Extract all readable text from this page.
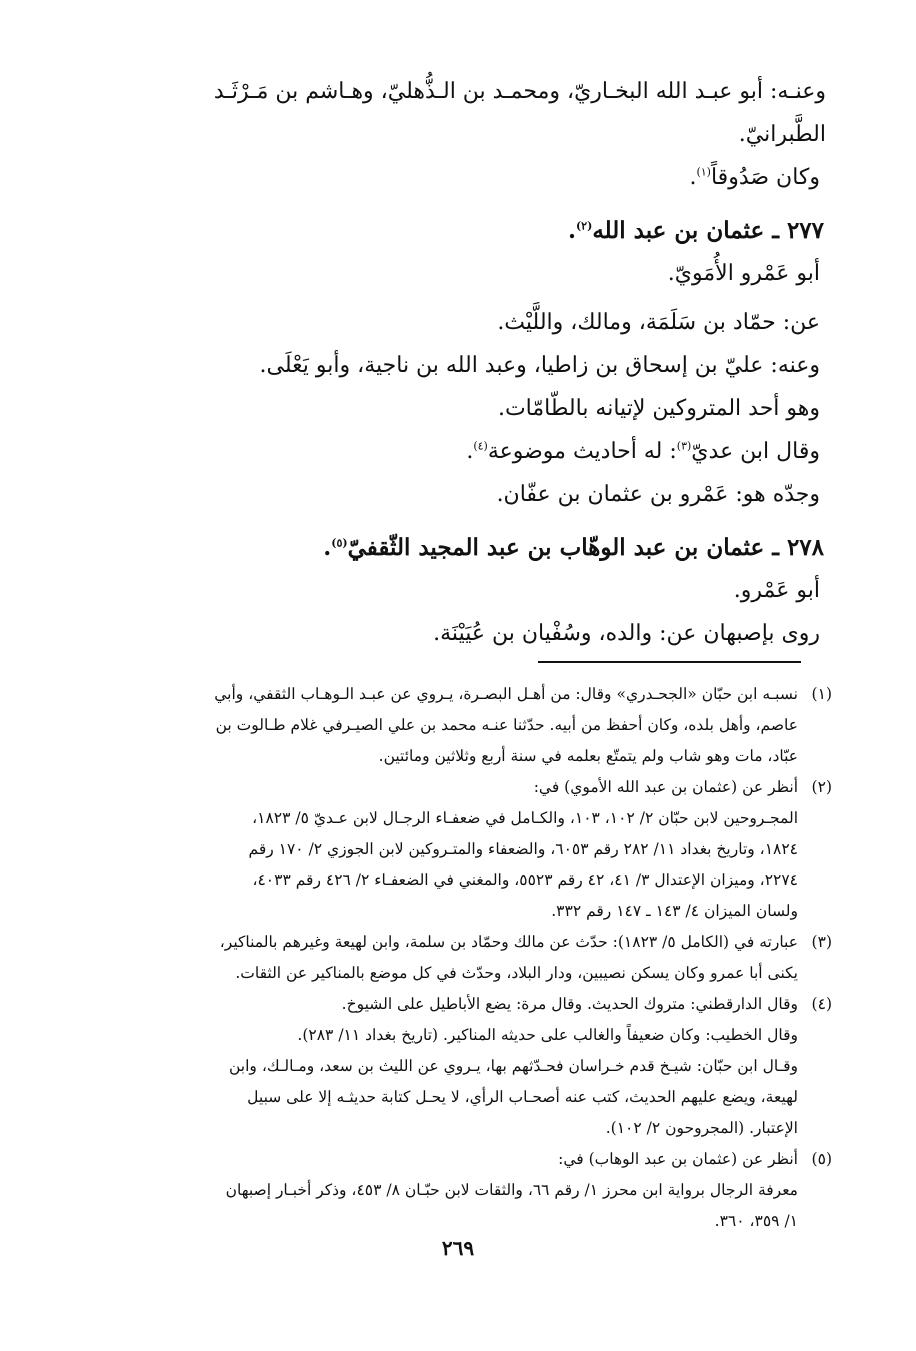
وعنـه: أبو عبـد الله البخـاريّ، ومحمـد بن الـذُّهليّ، وهـاشم بن مَـرْثَـد

الطَّبرانيّ.

وكان صَدُوقاً$^{(١)}$.

٢٧٧ ـ عثمان بن عبد الله$^{(٢)}$.

أبو عَمْرو الأُمَويّ.

عن: حمّاد بن سَلَمَة، ومالك، واللَّيْث.

وعنه: عليّ بن إسحاق بن زاطيا، وعبد الله بن ناجية، وأبو يَعْلَى.

وهو أحد المتروكين لإتيانه بالطّامّات.

وقال ابن عديّ$^{(٣)}$: له أحاديث موضوعة$^{(٤)}$.

وجدّه هو: عَمْرو بن عثمان بن عفّان.

٢٧٨ ـ عثمان بن عبد الوهّاب بن عبد المجيد الثّقفيّ$^{(٥)}$.

أبو عَمْرو.

روى بإصبهان عن: والده، وسُفْيان بن عُيَيْنَة.

(١)
نسبـه ابن حبّان «الجحـدري» وقال: من أهـل البصـرة، يـروي عن عبـد الـوهـاب الثقفي، وأبي
عاصم، وأهل بلده، وكان أحفظ من أبيه. حدّثنا عنـه محمد بن علي الصيـرفي غلام طـالوت بن
عبّاد، مات وهو شاب ولم يتمتّع بعلمه في سنة أربع وثلاثين ومائتين.
(٢)
أنظر عن (عثمان بن عبد الله الأموي) في:
المجـروحين لابن حبّان ٢/ ١٠٢، ١٠٣، والكـامل في ضعفـاء الرجـال لابن عـديّ ٥/ ١٨٢٣،
١٨٢٤، وتاريخ بغداد ١١/ ٢٨٢ رقم ٦٠٥٣، والضعفاء والمتـروكين لابن الجوزي ٢/ ١٧٠ رقم
٢٢٧٤، وميزان الإعتدال ٣/ ٤١، ٤٢ رقم ٥٥٢٣، والمغني في الضعفـاء ٢/ ٤٢٦ رقم ٤٠٣٣،
ولسان الميزان ٤/ ١٤٣ ـ ١٤٧ رقم ٣٣٢.
(٣)
عبارته في (الكامل ٥/ ١٨٢٣): حدّث عن مالك وحمّاد بن سلمة، وابن لهيعة وغيرهم بالمناكير،
يكنى أبا عمرو وكان يسكن نصيبين، ودار البلاد، وحدّث في كل موضع بالمناكير عن الثقات.
(٤)
وقال الدارقطني: متروك الحديث. وقال مرة: يضع الأباطيل على الشيوخ.
وقال الخطيب: وكان ضعيفاً والغالب على حديثه المناكير. (تاريخ بغداد ١١/ ٢٨٣).
وقـال ابن حبّان: شيـخ قدم خـراسان فحـدّثهم بها، يـروي عن الليث بن سعد، ومـالـك، وابن
لهيعة، ويضع عليهم الحديث، كتب عنه أصحـاب الرأي، لا يحـل كتابة حديثـه إلا على سبيل
الإعتبار. (المجروحون ٢/ ١٠٢).
(٥)
أنظر عن (عثمان بن عبد الوهاب) في:
معرفة الرجال برواية ابن محرز ١/ رقم ٦٦، والثقات لابن حبّـان ٨/ ٤٥٣، وذكر أخبـار إصبهان
١/ ٣٥٩، ٣٦٠.
٢٦٩
